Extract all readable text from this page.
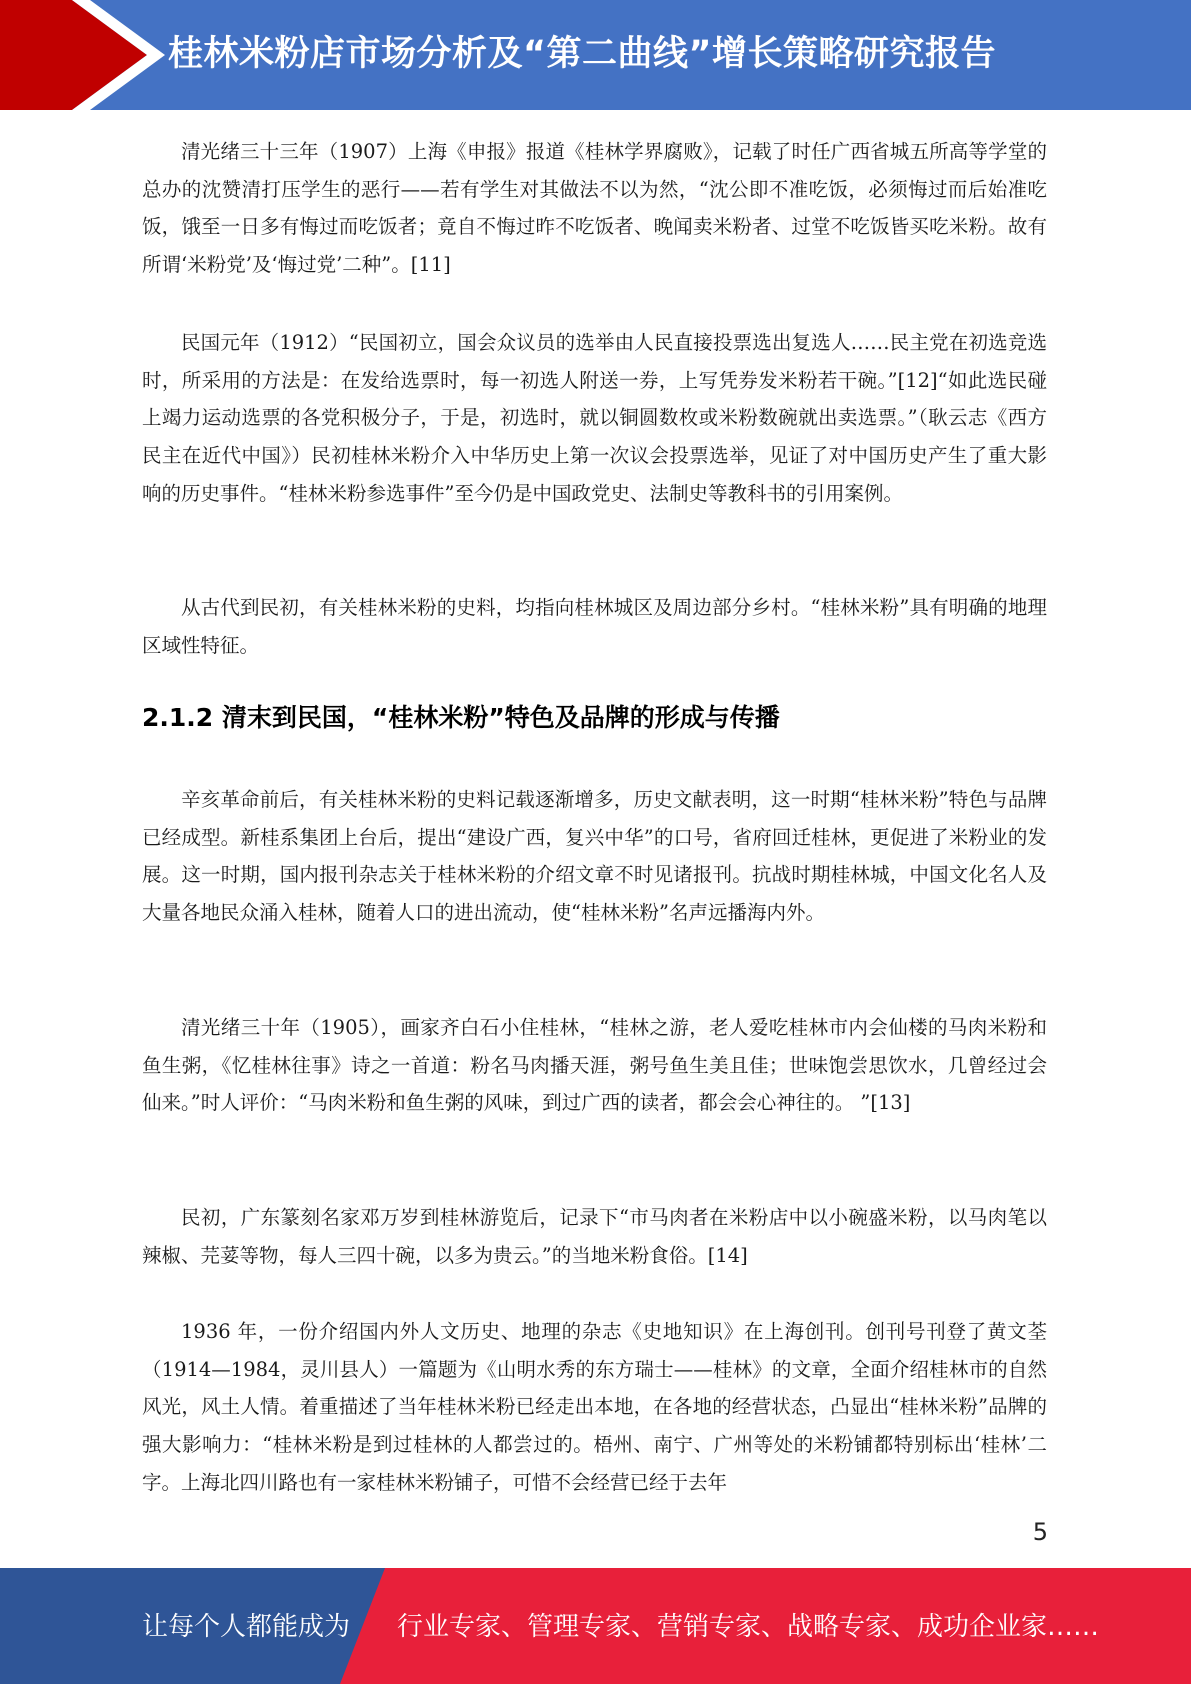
桂林米粉店市场分析及“第二曲线”增长策略研究报告

清光绪三十三年（1907）上海《申报》报道《桂林学界腐败》，记载了时任广西省城五所高等学堂的总办的沈赞清打压学生的恶行——若有学生对其做法不以为然，“沈公即不准吃饭，必须悔过而后始准吃饭，饿至一日多有悔过而吃饭者；竟自不悔过昨不吃饭者、晚闻卖米粉者、过堂不吃饭皆买吃米粉。故有所谓‘米粉党’及‘悔过党’二种”。[11]

民国元年（1912）“民国初立，国会众议员的选举由人民直接投票选出复选人……民主党在初选竞选时，所采用的方法是：在发给选票时，每一初选人附送一券，上写凭券发米粉若干碗。”[12]“如此选民碰上竭力运动选票的各党积极分子，于是，初选时，就以铜圆数枚或米粉数碗就出卖选票。”（耿云志《西方民主在近代中国》）民初桂林米粉介入中华历史上第一次议会投票选举，见证了对中国历史产生了重大影响的历史事件。“桂林米粉参选事件”至今仍是中国政党史、法制史等教科书的引用案例。

从古代到民初，有关桂林米粉的史料，均指向桂林城区及周边部分乡村。“桂林米粉”具有明确的地理区域性特征。

2.1.2 清末到民国，“桂林米粉”特色及品牌的形成与传播

辛亥革命前后，有关桂林米粉的史料记载逐渐增多，历史文献表明，这一时期“桂林米粉”特色与品牌已经成型。新桂系集团上台后，提出“建设广西，复兴中华”的口号，省府回迁桂林，更促进了米粉业的发展。这一时期，国内报刊杂志关于桂林米粉的介绍文章不时见诸报刊。抗战时期桂林城，中国文化名人及大量各地民众涌入桂林，随着人口的进出流动，使“桂林米粉”名声远播海内外。

清光绪三十年（1905），画家齐白石小住桂林，“桂林之游，老人爱吃桂林市内会仙楼的马肉米粉和鱼生粥，《忆桂林往事》诗之一首道：粉名马肉播天涯，粥号鱼生美且佳；世味饱尝思饮水，几曾经过会仙来。”时人评价：“马肉米粉和鱼生粥的风味，到过广西的读者，都会会心神往的。 ”[13]

民初，广东篆刻名家邓万岁到桂林游览后，记录下“市马肉者在米粉店中以小碗盛米粉，以马肉笔以辣椒、芫荽等物，每人三四十碗，以多为贵云。”的当地米粉食俗。[14]

1936 年，一份介绍国内外人文历史、地理的杂志《史地知识》在上海创刊。创刊号刊登了黄文荃（1914—1984，灵川县人）一篇题为《山明水秀的东方瑞士——桂林》的文章，全面介绍桂林市的自然风光，风土人情。着重描述了当年桂林米粉已经走出本地，在各地的经营状态，凸显出“桂林米粉”品牌的强大影响力：“桂林米粉是到过桂林的人都尝过的。梧州、南宁、广州等处的米粉铺都特别标出‘桂林’二字。上海北四川路也有一家桂林米粉铺子，可惜不会经营已经于去年

5
让每个人都能成为 行业专家、管理专家、营销专家、战略专家、成功企业家……
